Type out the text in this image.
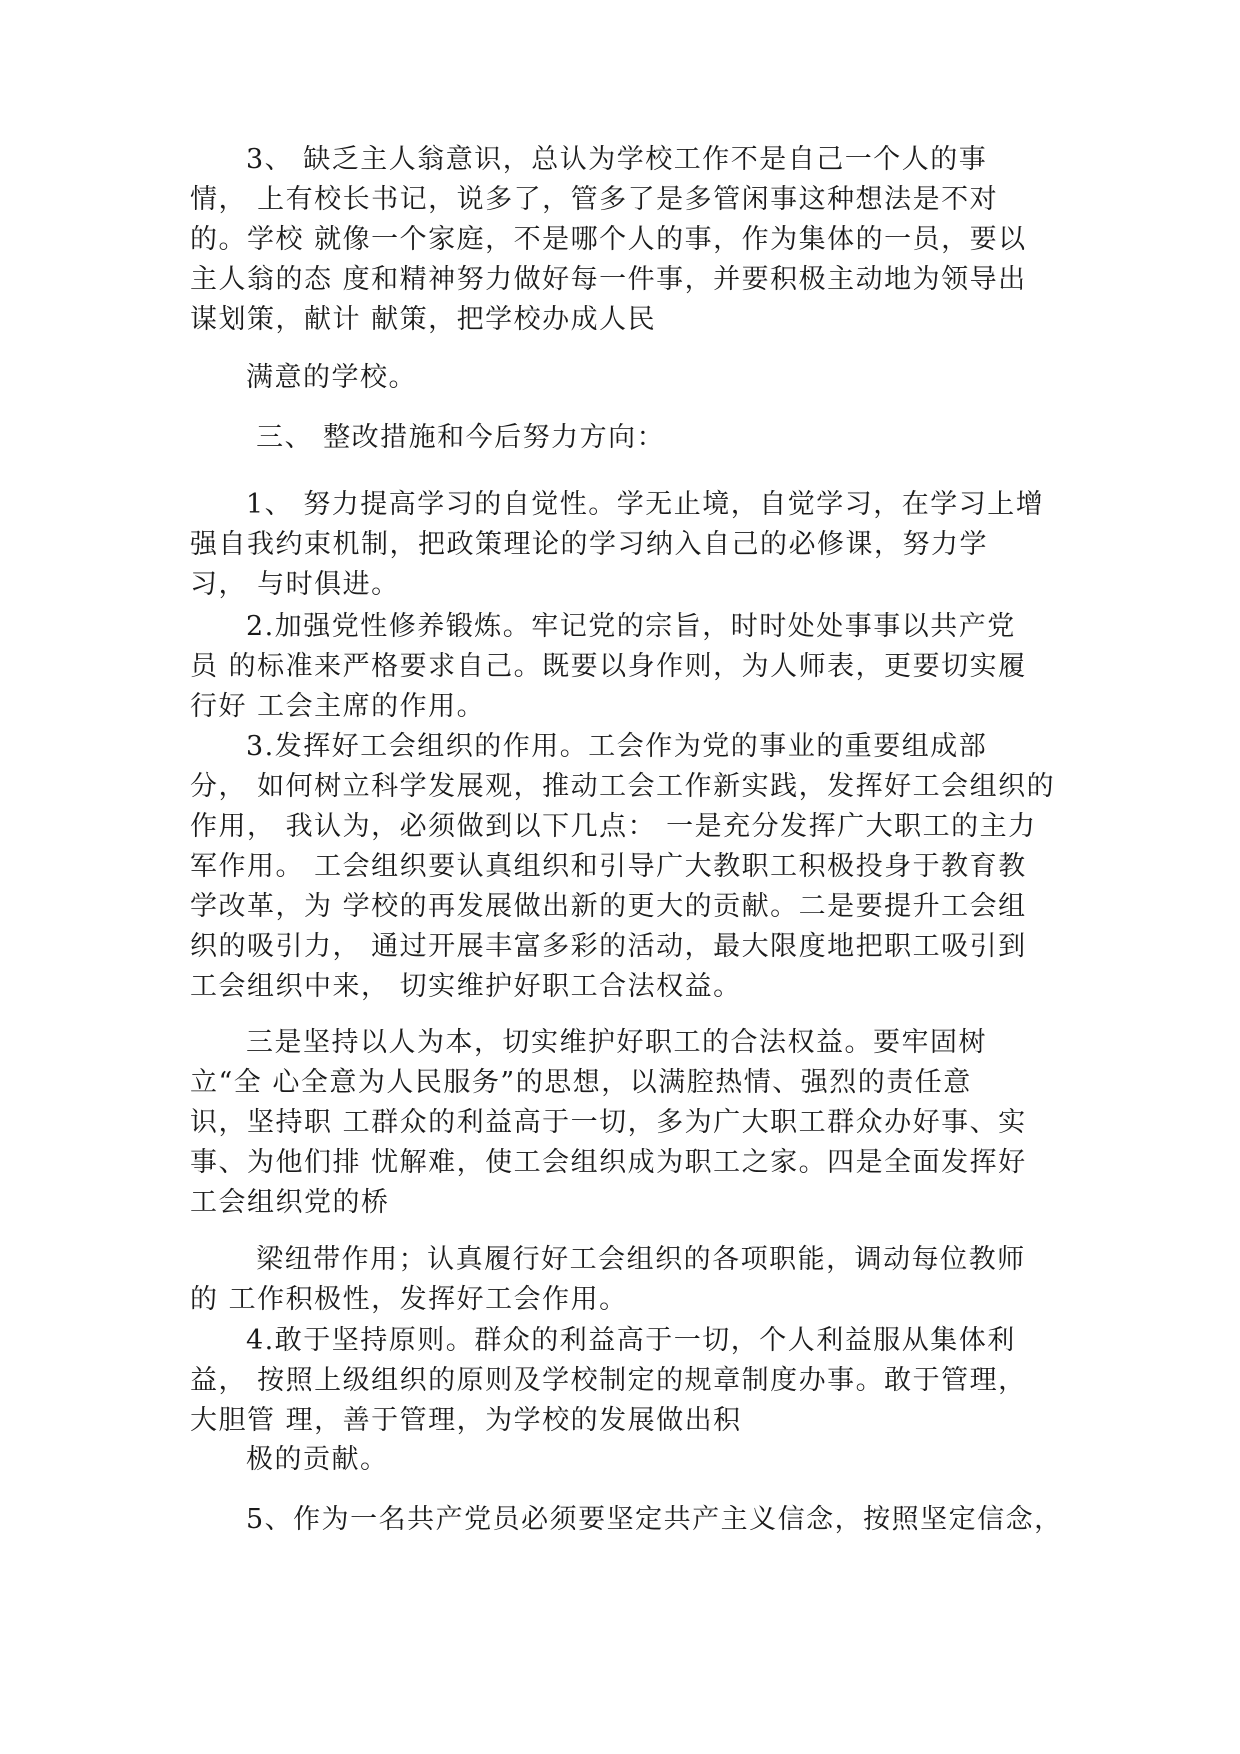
3、 缺乏主人翁意识，总认为学校工作不是自己一个人的事
情， 上有校长书记，说多了，管多了是多管闲事这种想法是不对
的。学校 就像一个家庭，不是哪个人的事，作为集体的一员，要以
主人翁的态 度和精神努力做好每一件事，并要积极主动地为领导出
谋划策，献计 献策，把学校办成人民
满意的学校。
三、 整改措施和今后努力方向：
1、 努力提高学习的自觉性。学无止境，自觉学习，在学习上增
强自我约束机制，把政策理论的学习纳入自己的必修课，努力学
习， 与时俱进。
2.加强党性修养锻炼。牢记党的宗旨，时时处处事事以共产党
员 的标准来严格要求自己。既要以身作则，为人师表，更要切实履
行好 工会主席的作用。
3.发挥好工会组织的作用。工会作为党的事业的重要组成部
分， 如何树立科学发展观，推动工会工作新实践，发挥好工会组织的
作用， 我认为，必须做到以下几点： 一是充分发挥广大职工的主力
军作用。 工会组织要认真组织和引导广大教职工积极投身于教育教
学改革，为 学校的再发展做出新的更大的贡献。二是要提升工会组
织的吸引力， 通过开展丰富多彩的活动，最大限度地把职工吸引到
工会组织中来， 切实维护好职工合法权益。
三是坚持以人为本，切实维护好职工的合法权益。要牢固树
立“全 心全意为人民服务”的思想，以满腔热情、强烈的责任意
识，坚持职 工群众的利益高于一切，多为广大职工群众办好事、实
事、为他们排 忧解难，使工会组织成为职工之家。四是全面发挥好
工会组织党的桥
梁纽带作用；认真履行好工会组织的各项职能，调动每位教师
的 工作积极性，发挥好工会作用。
4.敢于坚持原则。群众的利益高于一切，个人利益服从集体利
益， 按照上级组织的原则及学校制定的规章制度办事。敢于管理，
大胆管 理，善于管理，为学校的发展做出积
极的贡献。
5、作为一名共产党员必须要坚定共产主义信念，按照坚定信念，
